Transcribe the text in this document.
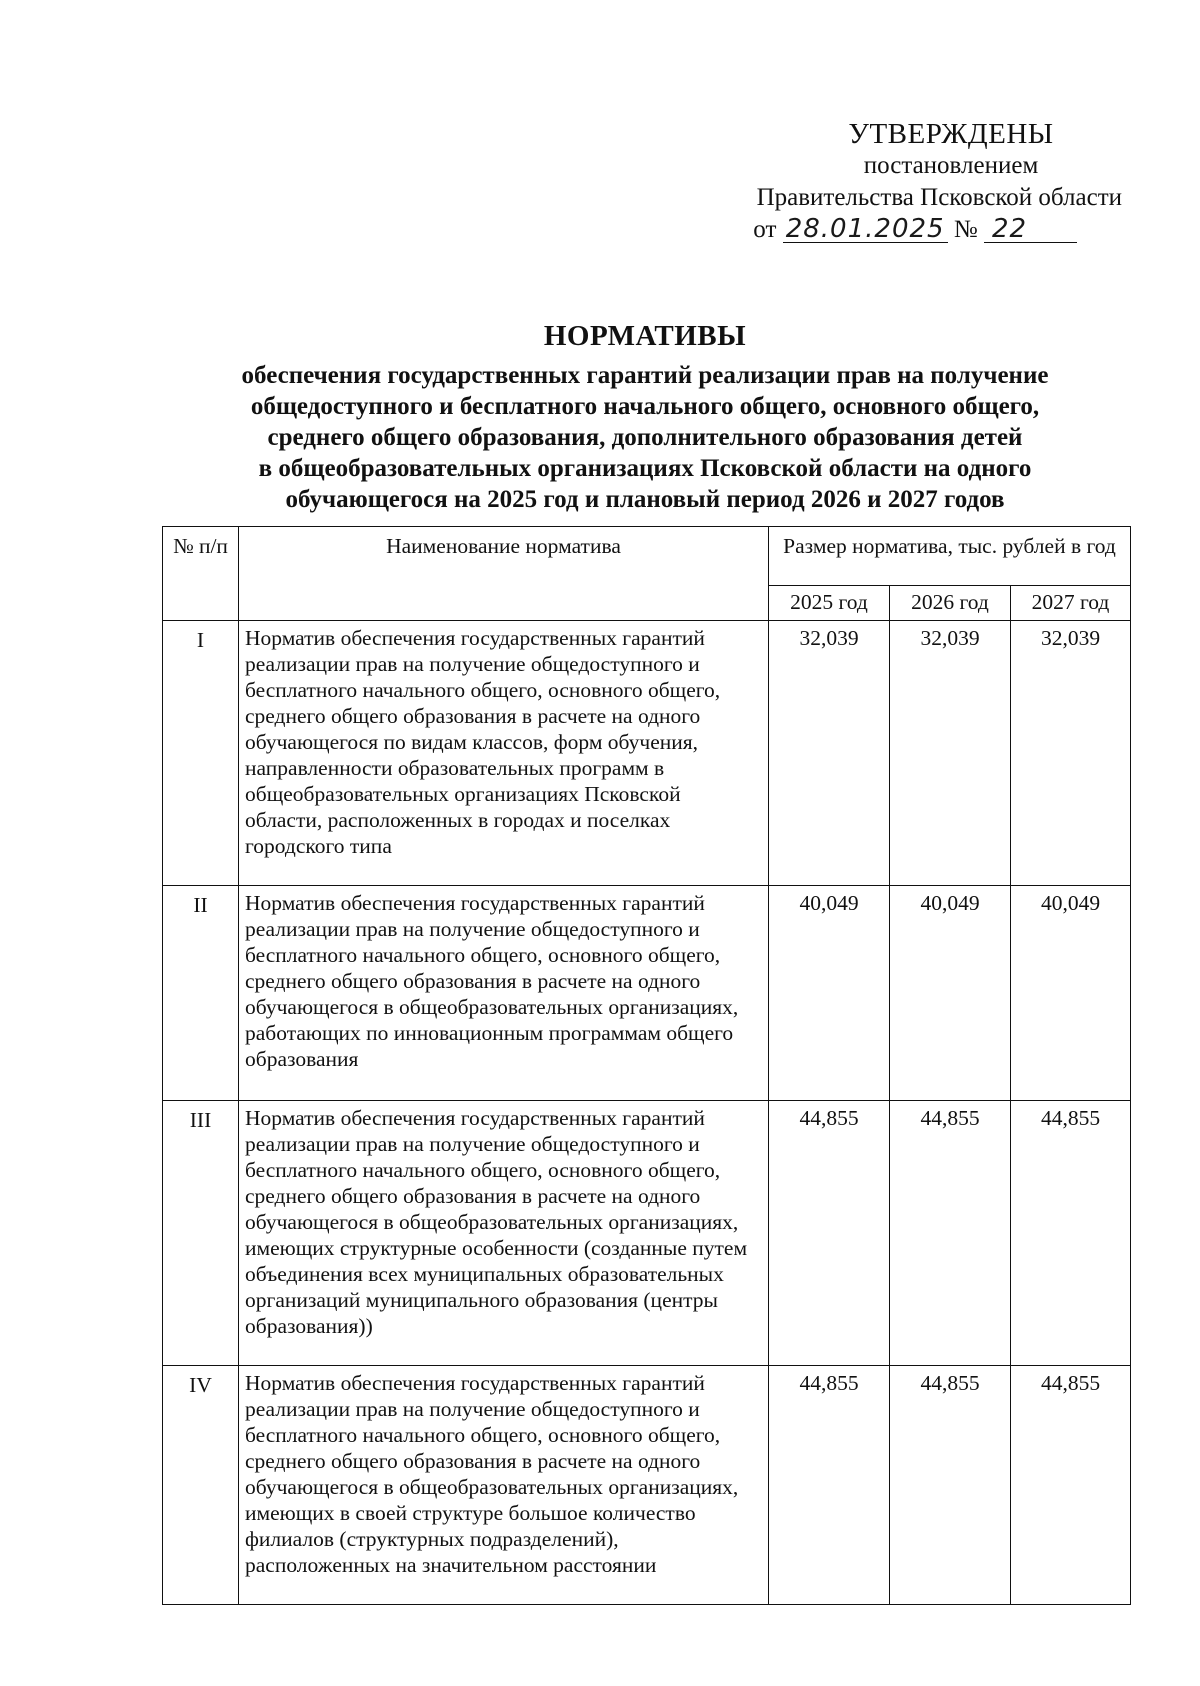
УТВЕРЖДЕНЫ
постановлением
Правительства Псковской области
от 28.01.2025 № 22
НОРМАТИВЫ
обеспечения государственных гарантий реализации прав на получение
общедоступного и бесплатного начального общего, основного общего,
среднего общего образования, дополнительного образования детей
в общеобразовательных организациях Псковской области на одного
обучающегося на 2025 год и плановый период 2026 и 2027 годов
№ п/п	Наименование норматива	Размер норматива, тыс. рублей в год		
		2025 год	2026 год	2027 год
I	Норматив обеспечения государственных гарантий реализации прав на получение общедоступного и бесплатного начального общего, основного общего, среднего общего образования в расчете на одного обучающегося по видам классов, форм обучения, направленности образовательных программ в общеобразовательных организациях Псковской области, расположенных в городах и поселках городского типа	32,039	32,039	32,039
II	Норматив обеспечения государственных гарантий реализации прав на получение общедоступного и бесплатного начального общего, основного общего, среднего общего образования в расчете на одного обучающегося в общеобразовательных организациях, работающих по инновационным программам общего образования	40,049	40,049	40,049
III	Норматив обеспечения государственных гарантий реализации прав на получение общедоступного и бесплатного начального общего, основного общего, среднего общего образования в расчете на одного обучающегося в общеобразовательных организациях, имеющих структурные особенности (созданные путем объединения всех муниципальных образовательных организаций муниципального образования (центры образования))	44,855	44,855	44,855
IV	Норматив обеспечения государственных гарантий реализации прав на получение общедоступного и бесплатного начального общего, основного общего, среднего общего образования в расчете на одного обучающегося в общеобразовательных организациях, имеющих в своей структуре большое количество филиалов (структурных подразделений), расположенных на значительном расстоянии	44,855	44,855	44,855
